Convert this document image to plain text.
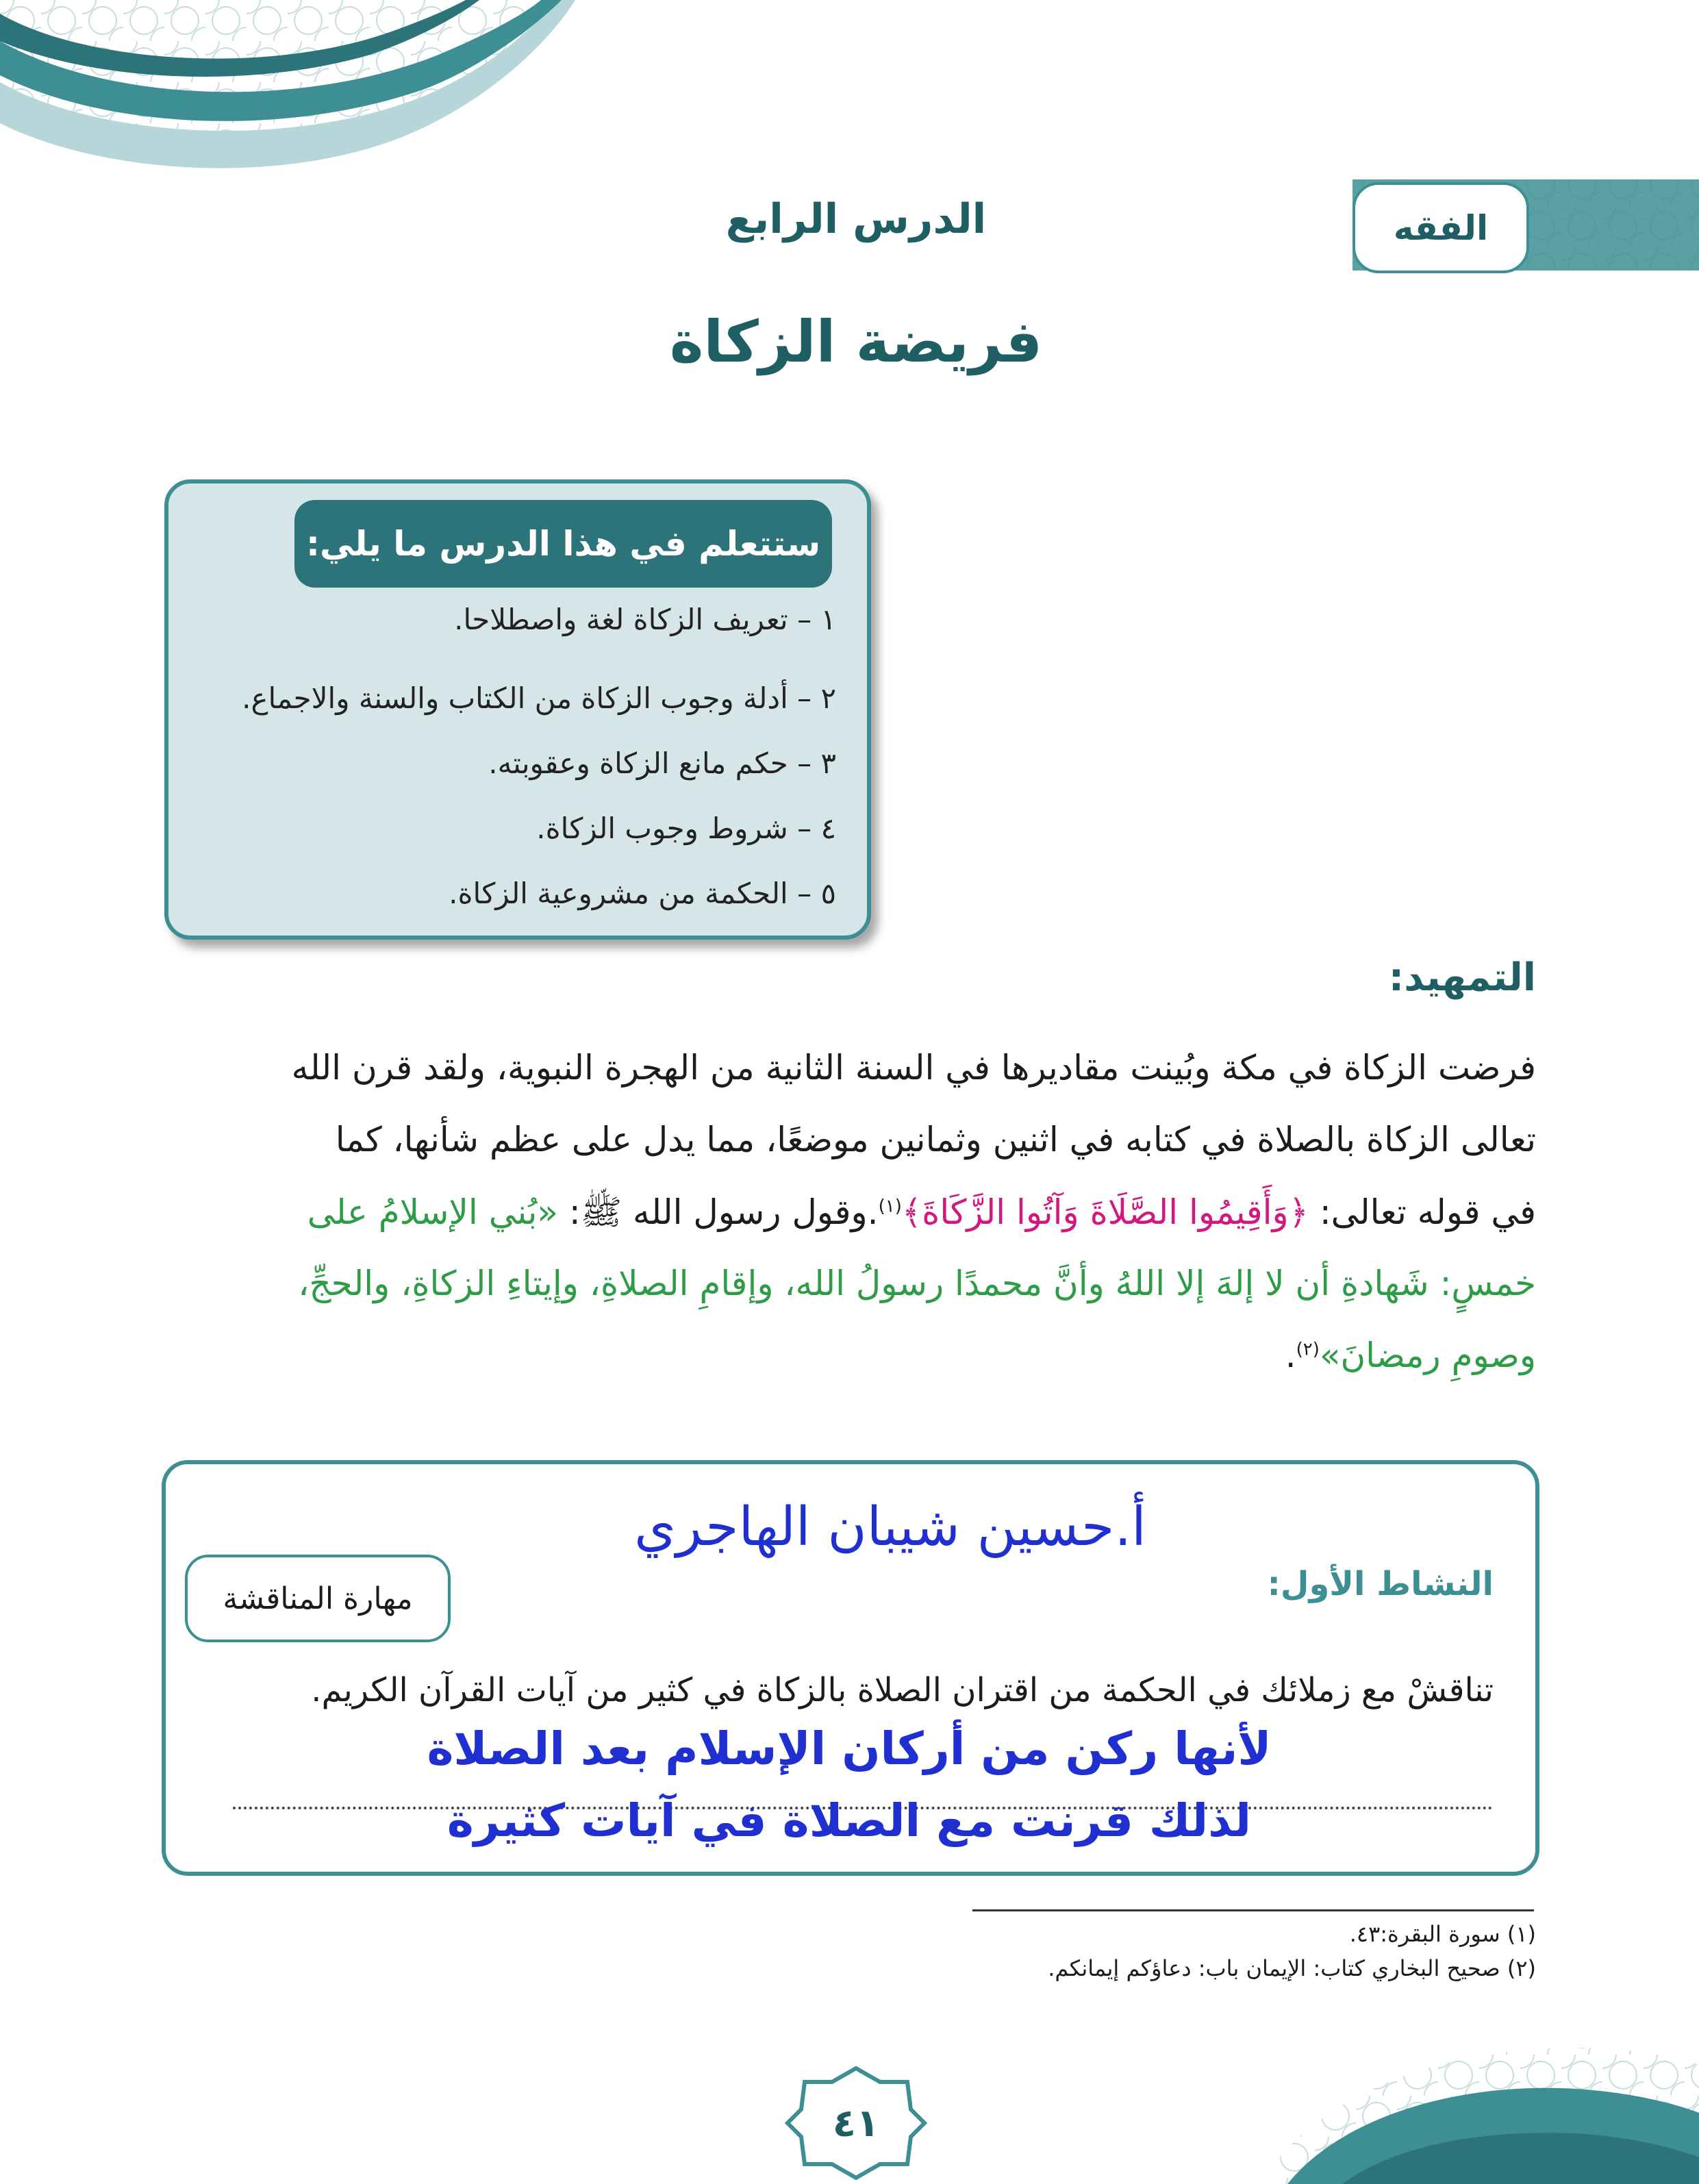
الفقه
الدرس الرابع
فريضة الزكاة
ستتعلم في هذا الدرس ما يلي:
١ – تعريف الزكاة لغة واصطلاحا.
٢ – أدلة وجوب الزكاة من الكتاب والسنة والاجماع.
٣ – حكم مانع الزكاة وعقوبته.
٤ – شروط وجوب الزكاة.
٥ – الحكمة من مشروعية الزكاة.
التمهيد:
فرضت الزكاة في مكة وبُينت مقاديرها في السنة الثانية من الهجرة النبوية، ولقد قرن الله
تعالى الزكاة بالصلاة في كتابه في اثنين وثمانين موضعًا، مما يدل على عظم شأنها، كما
في قوله تعالى: ﴿وَأَقِيمُوا الصَّلَاةَ وَآتُوا الزَّكَاةَ﴾$^{(١)}$.وقول رسول الله ﷺ: «بُني الإسلامُ على
خمسٍ: شَهادةِ أن لا إلهَ إلا اللهُ وأنَّ محمدًا رسولُ الله، وإقامِ الصلاةِ، وإيتاءِ الزكاةِ، والحجِّ،
وصومِ رمضانَ»$^{(٢)}$.
أ.حسين شيبان الهاجري
النشاط الأول:
مهارة المناقشة
تناقشْ مع زملائك في الحكمة من اقتران الصلاة بالزكاة في كثير من آيات القرآن الكريم.
لأنها ركن من أركان الإسلام بعد الصلاة
لذلك قرنت مع الصلاة في آيات كثيرة
(١) سورة البقرة:٤٣.
(٢) صحيح البخاري كتاب: الإيمان باب: دعاؤكم إيمانكم.
٤١
